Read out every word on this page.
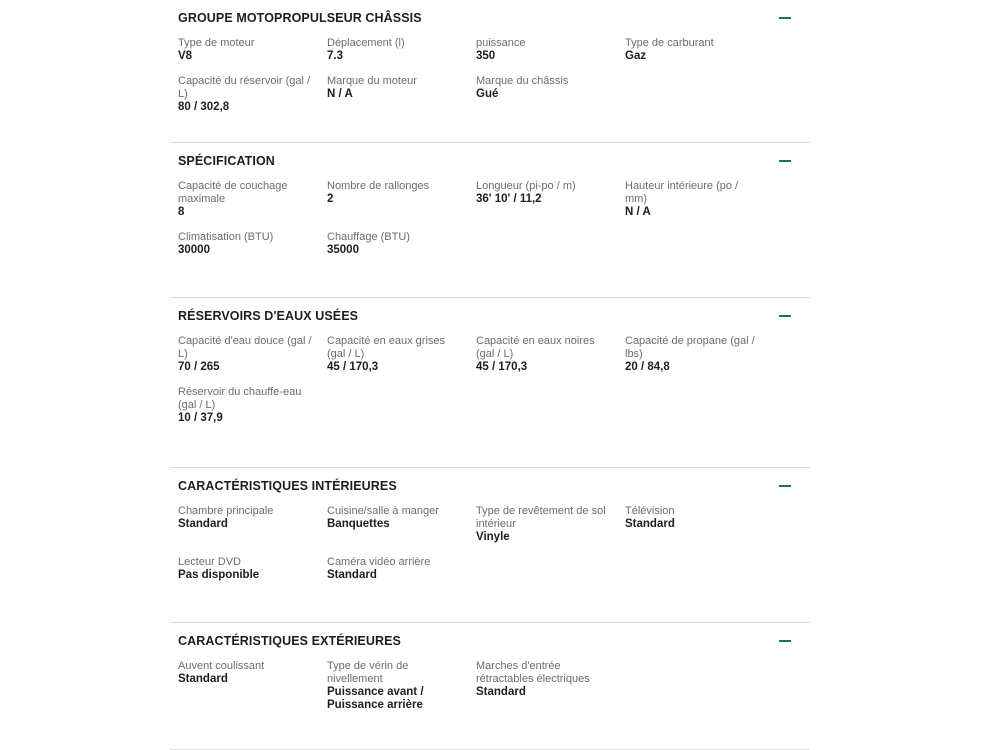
GROUPE MOTOPROPULSEUR CHÂSSIS
Type de moteur
V8
Déplacement (l)
7.3
puissance
350
Type de carburant
Gaz
Capacité du réservoir (gal / L)
80 / 302,8
Marque du moteur
N / A
Marque du châssis
Gué
SPÉCIFICATION
Capacité de couchage maximale
8
Nombre de rallonges
2
Longueur (pi-po / m)
36' 10' / 11,2
Hauteur intérieure (po / mm)
N / A
Climatisation (BTU)
30000
Chauffage (BTU)
35000
RÉSERVOIRS D'EAUX USÉES
Capacité d'eau douce (gal / L)
70 / 265
Capacité en eaux grises (gal / L)
45 / 170,3
Capacité en eaux noires (gal / L)
45 / 170,3
Capacité de propane (gal / lbs)
20 / 84,8
Réservoir du chauffe-eau (gal / L)
10 / 37,9
CARACTÉRISTIQUES INTÉRIEURES
Chambre principale
Standard
Cuisine/salle à manger
Banquettes
Type de revêtement de sol intérieur
Vinyle
Télévision
Standard
Lecteur DVD
Pas disponible
Caméra vidéo arrière
Standard
CARACTÉRISTIQUES EXTÉRIEURES
Auvent coulissant
Standard
Type de vérin de nivellement
Puissance avant / Puissance arrière
Marches d'entrée rétractables électriques
Standard
